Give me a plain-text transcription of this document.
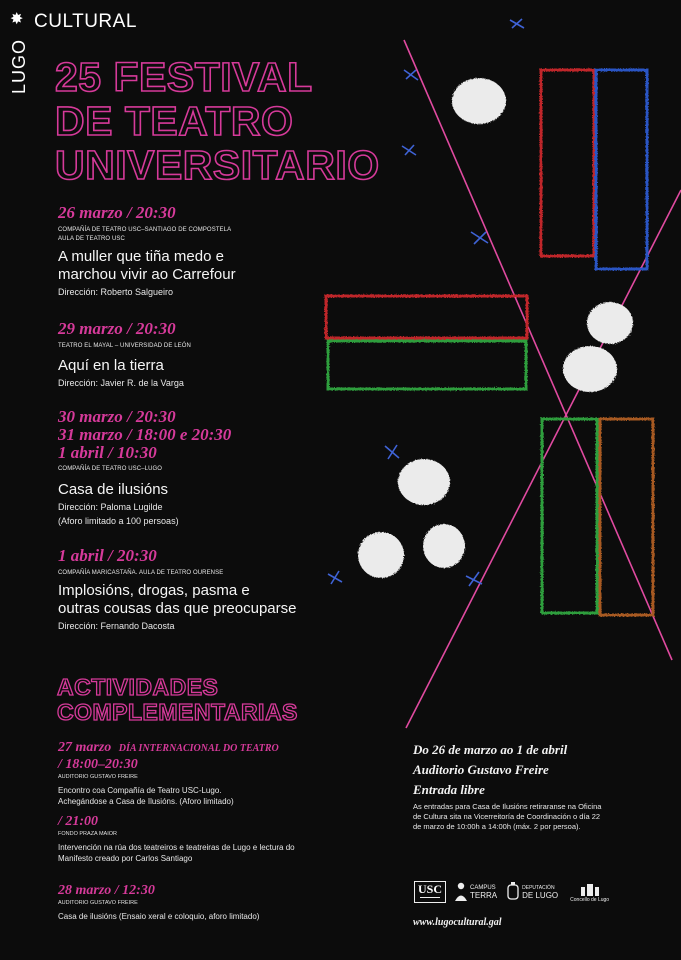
LUGO
✸ CULTURAL
25 FESTIVAL
DE TEATRO
UNIVERSITARIO
26 marzo / 20:30
COMPAÑÍA DE TEATRO USC–SANTIAGO DE COMPOSTELA
AULA DE TEATRO USC
A muller que tiña medo e
marchou vivir ao Carrefour
Dirección: Roberto Salgueiro
29 marzo / 20:30
TEATRO EL MAYAL – UNIVERSIDAD DE LEÓN
Aquí en la tierra
Dirección: Javier R. de la Varga
30 marzo / 20:30
31 marzo / 18:00 e 20:30
1 abril / 10:30
COMPAÑÍA DE TEATRO USC–LUGO
Casa de ilusións
Dirección: Paloma Lugilde
(Aforo limitado a 100 persoas)
1 abril / 20:30
COMPAÑÍA MARICASTAÑA. AULA DE TEATRO OURENSE
Implosións, drogas, pasma e
outras cousas das que preocuparse
Dirección: Fernando Dacosta
ACTIVIDADES
COMPLEMENTARIAS
27 marzo DÍA INTERNACIONAL DO TEATRO
/ 18:00–20:30
AUDITORIO GUSTAVO FREIRE
Encontro coa Compañía de Teatro USC-Lugo.
Achegándose a Casa de Ilusións. (Aforo limitado)
/ 21:00
FONDO PRAZA MAIOR
Intervención na rúa dos teatreiros e teatreiras de Lugo e lectura do
Manifesto creado por Carlos Santiago
28 marzo / 12:30
AUDITORIO GUSTAVO FREIRE
Casa de ilusións (Ensaio xeral e coloquio, aforo limitado)
Do 26 de marzo ao 1 de abril
Auditorio Gustavo Freire
Entrada libre
As entradas para Casa de Ilusións retiraranse na Oficina
de Cultura sita na Vicerreitoría de Coordinación o día 22
de marzo de 10:00h a 14:00h (máx. 2 por persoa).
USC	CAMPUS
TERRA
DEPUTACIÓN
DE LUGO Concello de Lugo
www.lugocultural.gal
